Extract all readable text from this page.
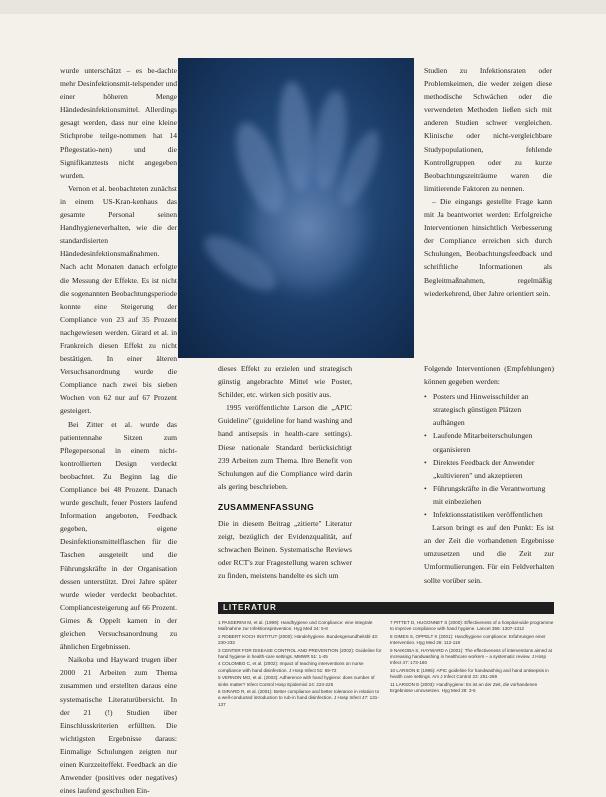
wurde unterschätzt – es be-dachte mehr Desinfektionsmit-telspender und einer höheren Menge Händedesinfektionsmittel. Allerdings gesagt werden, dass nur eine kleine Stichprobe teilge-nommen hat 14 Pflegestatio-nen) und die Signifikanztests nicht angegeben wurden.

Vernon et al. beobachteten zunächst in einem US-Kran-kenhaus das gesamte Personal seinen Handhygieneverhalten, wie die der standardisierten Händedesinfektionsmaßnahmen. Nach acht Monaten danach erfolgte die Messung der Effekte. Es ist nicht die sogenannten Beobachtungsperiode konnte eine Steigerung der Compliance von 23 auf 35 Prozent nachgewiesen werden. Girard et al. in Frankreich diesen Effekt zu nicht bestätigen. In einer älteren Versuchsanordnung wurde die Compliance nach zwei bis sieben Wochen von 62 nur auf 67 Prozent gesteigert.

Bei Zitter et al. wurde das patientennahe Sitzen zum Pflegepersonal in einem nicht-kontrollierten Design verdeckt beobachtet. Zu Beginn lag die Compliance bei 48 Prozent. Danach wurde geschult, feuer Posters laufend Information angeboten, Feedback gegeben, eigene Desinfektionsmittelflaschen für die Taschen ausgeteilt und die Führungskräfte in der Organisation dessen unterstützt. Drei Jahre später wurde wieder verdeckt beobachtet. Compliancesteigerung auf 66 Prozent. Gimes & Oppelt kamen in der gleichen Versuchsanordnung zu ähnlichen Ergebnissen.

Naikoba und Hayward trugen über 2000 21 Arbeiten zum Thema zusammen und erstellten daraus eine systematische Literaturübersicht. In der 21 (!) Studien über Einschlusskriterien erfüllten. Die wichtigsten Ergebnisse daraus: Einmalige Schulungen zeigten nur einen Kurzzeiteffekt. Feedback an die Anwender (positives oder negatives) eines laufend geschulten Ein-

Studien zu Infektionsraten oder Problemkeimen, die weder zeigen diese methodische Schwächen oder die verwendeten Methoden ließen sich mit anderen Studien schwer vergleichen. Klinische oder nicht-vergleichbare Studypopulationen, fehlende Kontrollgruppen oder zu kurze Beobachtungszeiträume waren die limitierende Faktoren zu nennen.

– Die eingangs gestellte Frage kann mit Ja beantwortet werden: Erfolgreiche Interventionen hinsichtlich Verbesserung der Compliance erreichen sich durch Schulungen, Beobachtungsfeedback und schriftliche Informationen als Begleitmaßnahmen, regelmäßig wiederkehrend, über Jahre orientiert sein.

dieses Effekt zu erzielen und strategisch günstig angebrachte Mittel wie Poster, Schilder, etc. wirken sich positiv aus.

1995 veröffentlichte Larson die „APIC Guideline" (guideline for hand washing and hand antisepsis in health-care settings). Diese nationale Standard berücksichtigt 239 Arbeiten zum Thema. Ihre Benefit von Schulungen auf die Compliance wird darin als gering beschrieben.

ZUSAMMENFASSUNG

Die in diesem Beitrag „zitierte" Literatur zeigt, bezüglich der Evidenzqualität, auf schwachen Beinen. Systematische Reviews oder RCT's zur Fragestellung waren schwer zu finden, meistens handelte es sich um

Folgende Interventionen (Empfehlungen) können gegeben werden:

• Posters und Hinweisschilder an strategisch günstigen Plätzen aufhängen
• Laufende Mitarbeiterschulungen organisieren
• Direktes Feedback der Anwender „kultivieren" und akzeptieren
• Führungskräfte in die Verantwortung mit einbeziehen
• Infektionsstatistiken veröffentlichen

Larson bringt es auf den Punkt: Es ist an der Zeit die vorhandenen Ergebnisse umzusetzen und die Zeit zur Umformulierungen. Für ein Feldverhalten sollte vorüber sein.

LITERATUR
1 PASSERINI M, et al. (1999): Handhygiene und Compliance: eine integrale Maßnahme zur Infektionsprävention. Hyg Med 24: 5-8
2 ROBERT KOCH INSTITUT (2000): Händehygiene. Bundesgesundheitsbl 43: 230-233
3 CENTER FOR DISEASE CONTROL AND PREVENTION (2002): Guideline for hand hygiene in health-care settings. MMWR 51: 1-45
4 COLOMBO C, et al. (2002): Impact of teaching interventions on nurse compliance with hand disinfection. J Hosp Infect 51: 69-72
5 VERNON MO, et al. (2003): Adherence with hand hygiene: does number of sinks matter? Infect Control Hosp Epidemiol 24: 224-225
6 GIRARD R, et al. (2001): Better compliance and better tolerance in relation to a well-conducted introduction to rub-in hand disinfection. J Hosp Infect 47: 131-137
7 PITTET D, HUGONNET S (2000): Effectiveness of a hospital-wide programme to improve compliance with hand hygiene. Lancet 356: 1307-1312
8 GIMES S, OPPELT K (2001): Handhygiene compliance: Erfahrungen einer Intervention. Hyg Med 26: 112-118
9 NAIKOBA S, HAYWARD A (2001): The effectiveness of interventions aimed at increasing handwashing in healthcare workers – a systematic review. J Hosp Infect 47: 173-180
10 LARSON E (1995): APIC guideline for handwashing and hand antisepsis in health care settings. Am J Infect Control 23: 251-269
11 LARSON E (2003): Handhygiene: Es ist an der Zeit, die vorhandenen Ergebnisse umzusetzen. Hyg Med 28: 3-5
